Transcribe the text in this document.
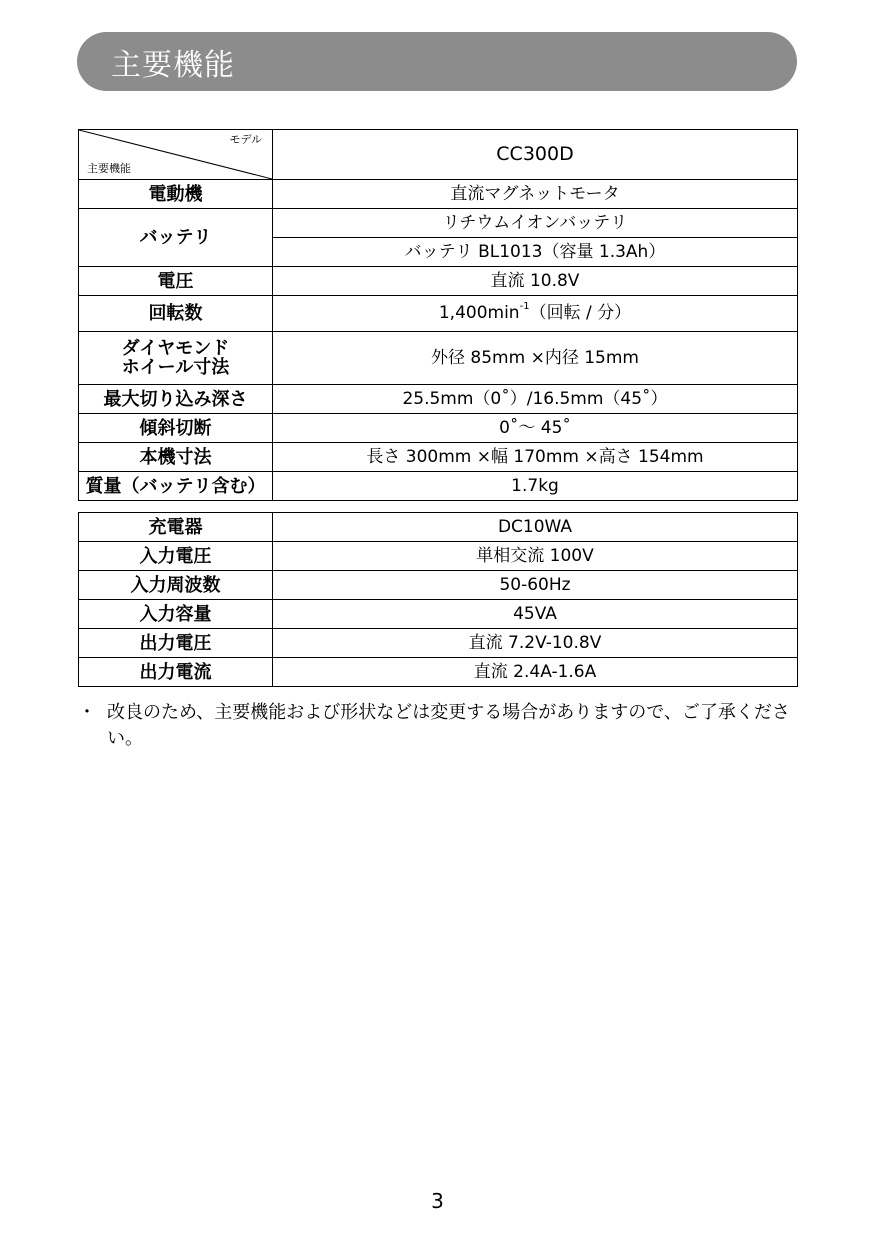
主要機能
モデル
主要機能	CC300D
電動機	直流マグネットモータ
バッテリ	リチウムイオンバッテリ
	バッテリ BL1013（容量 1.3Ah）
電圧	直流 10.8V
回転数	$1,400\min^{-1}$（回転 / 分）
ダイヤモンド
ホイール寸法	外径 85mm ×内径 15mm
最大切り込み深さ	25.5mm（0˚）/16.5mm（45˚）
傾斜切断	0˚～ 45˚
本機寸法	長さ 300mm ×幅 170mm ×高さ 154mm
質量（バッテリ含む）	1.7kg
充電器	DC10WA
入力電圧	単相交流 100V
入力周波数	50-60Hz
入力容量	45VA
出力電圧	直流 7.2V-10.8V
出力電流	直流 2.4A-1.6A
・ 改良のため、主要機能および形状などは変更する場合がありますので、ご了承ください。
3
